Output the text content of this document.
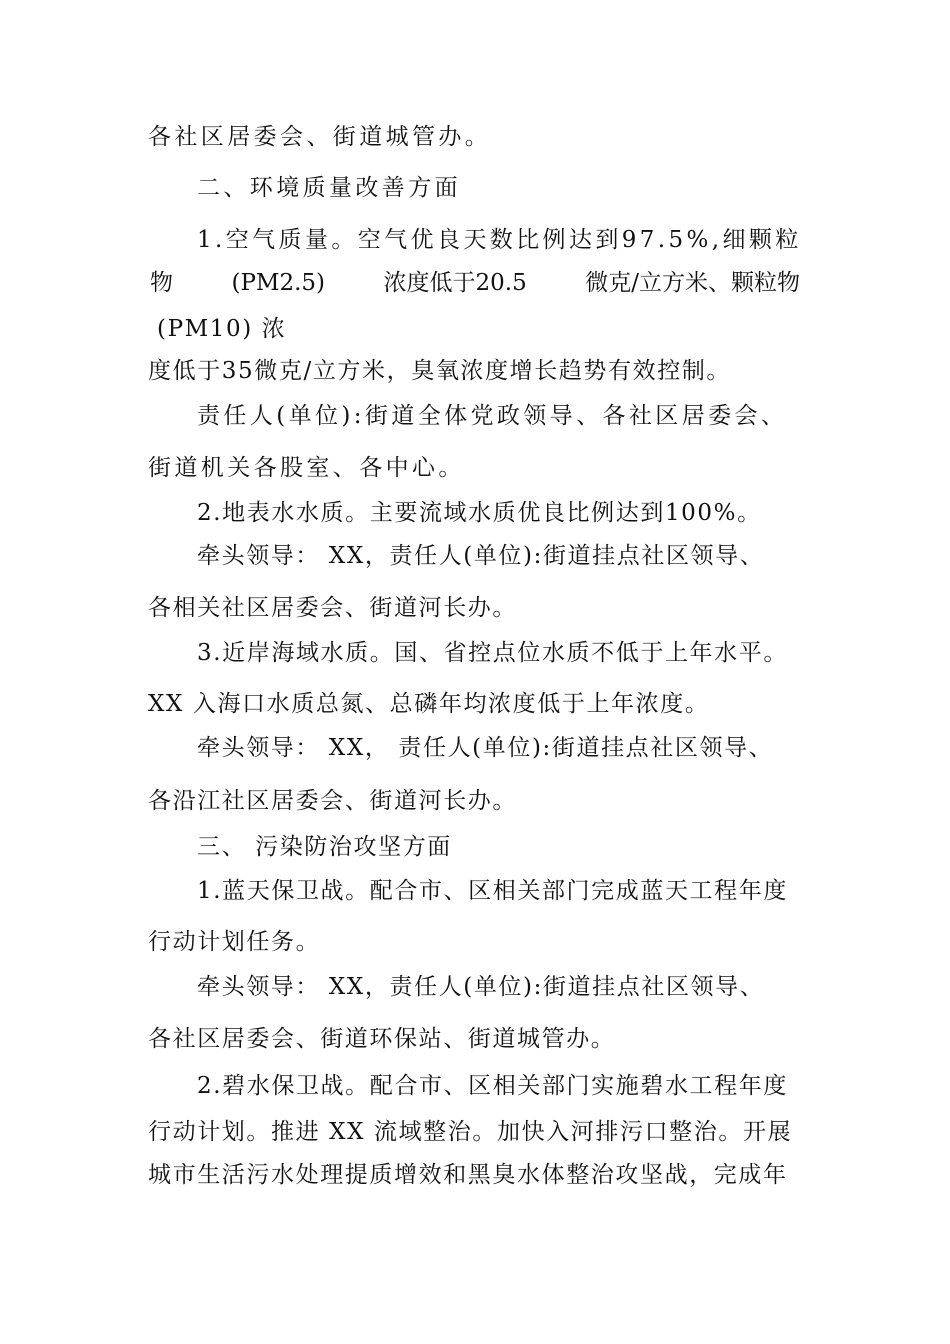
各社区居委会、街道城管办。
二、环境质量改善方面
1.空气质量。空气优良天数比例达到97.5%,细颗粒
物	(PM2.5)	浓度低于20.5	微克/立方米、颗粒物
(PM10) 浓
度低于35微克/立方米，臭氧浓度增长趋势有效控制。
责任人(单位):街道全体党政领导、各社区居委会、
街道机关各股室、各中心。
2.地表水水质。主要流域水质优良比例达到100%。
牵头领导： XX，责任人(单位):街道挂点社区领导、
各相关社区居委会、街道河长办。
3.近岸海域水质。国、省控点位水质不低于上年水平。
XX 入海口水质总氮、总磷年均浓度低于上年浓度。
牵头领导： XX， 责任人(单位):街道挂点社区领导、
各沿江社区居委会、街道河长办。
三、 污染防治攻坚方面
1.蓝天保卫战。配合市、区相关部门完成蓝天工程年度
行动计划任务。
牵头领导： XX，责任人(单位):街道挂点社区领导、
各社区居委会、街道环保站、街道城管办。
2.碧水保卫战。配合市、区相关部门实施碧水工程年度
行动计划。推进 XX 流域整治。加快入河排污口整治。开展
城市生活污水处理提质增效和黑臭水体整治攻坚战，完成年
